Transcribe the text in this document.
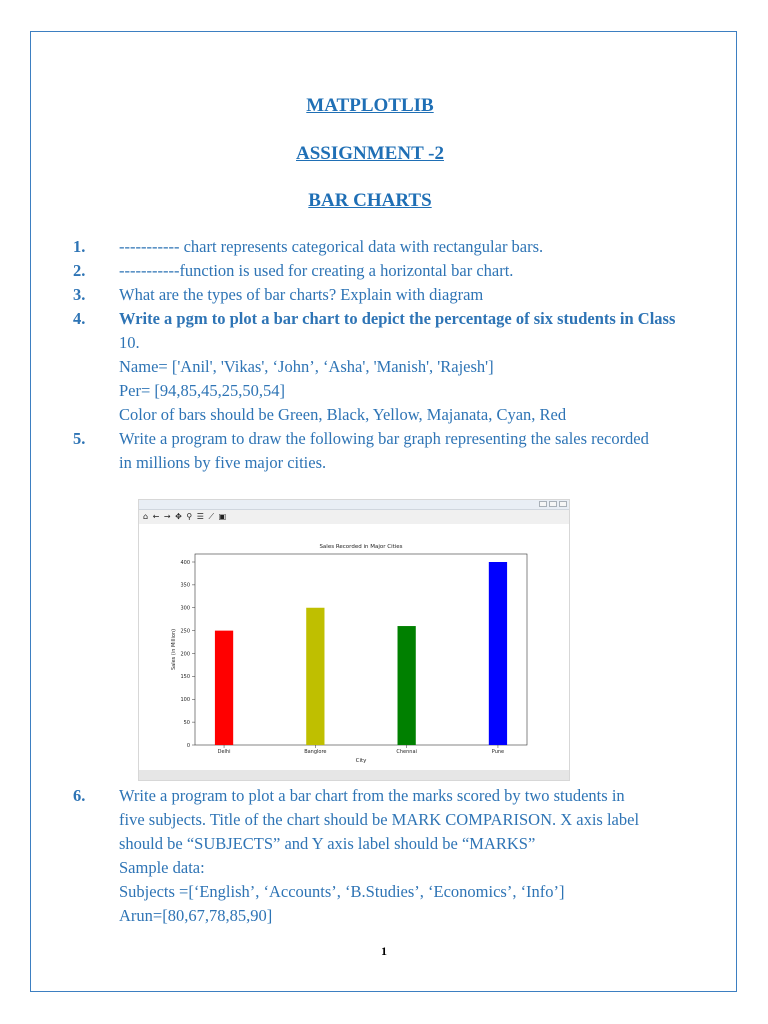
MATPLOTLIB
ASSIGNMENT -2
BAR CHARTS
1.	----------- chart represents categorical data with rectangular bars.
2.	-----------function is used for creating a horizontal bar chart.
3.	What are the types of bar charts? Explain with diagram
4.	Write a pgm to plot a bar chart to depict the percentage of six students in Class
10.
Name= ['Anil', 'Vikas', ‘John’, ‘Asha', 'Manish', 'Rajesh']
Per= [94,85,45,25,50,54]
Color of bars should be Green, Black, Yellow, Majanata, Cyan, Red
5.	Write a program to draw the following bar graph representing the sales recorded
in millions by five major cities.
⌂ ← → ✥ ⚲ ☰ ⟋ ▣
Sales Recorded in Major Cities
0
50
100
150
200
250
300
350
400
Delhi	Banglore	Chennai	Pune
City
Sales (in Million)
6.	Write a program to plot a bar chart from the marks scored by two students in
five subjects. Title of the chart should be MARK COMPARISON. X axis label
should be “SUBJECTS” and Y axis label should be “MARKS”
Sample data:
Subjects =[‘English’, ‘Accounts’, ‘B.Studies’, ‘Economics’, ‘Info’]
Arun=[80,67,78,85,90]
1
